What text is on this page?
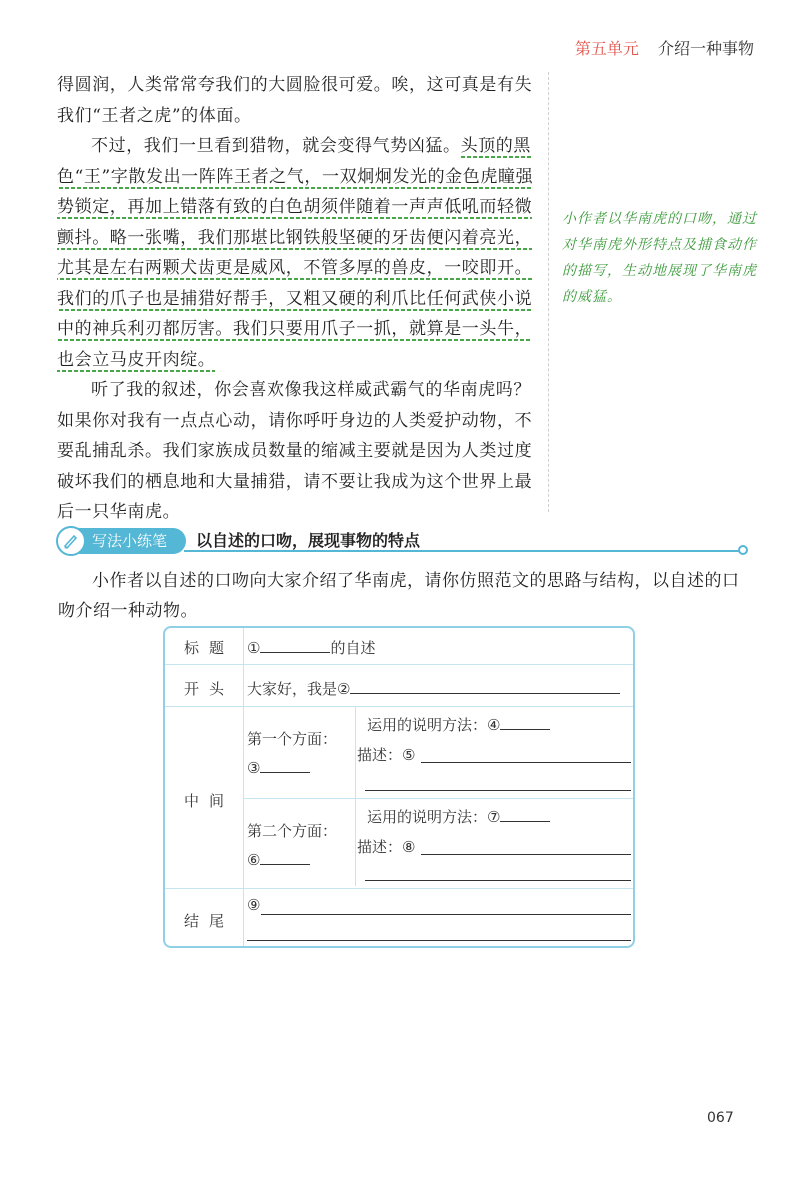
第五单元 介绍一种事物

得圆润，人类常常夸我们的大圆脸很可爱。唉，这可真是有失我们“王者之虎”的体面。

不过，我们一旦看到猎物，就会变得气势凶猛。头顶的黑色“王”字散发出一阵阵王者之气，一双炯炯发光的金色虎瞳强势锁定，再加上错落有致的白色胡须伴随着一声声低吼而轻微颤抖。略一张嘴，我们那堪比钢铁般坚硬的牙齿便闪着亮光，尤其是左右两颗犬齿更是威风，不管多厚的兽皮，一咬即开。我们的爪子也是捕猎好帮手，又粗又硬的利爪比任何武侠小说中的神兵利刃都厉害。我们只要用爪子一抓，就算是一头牛，也会立马皮开肉绽。

听了我的叙述，你会喜欢像我这样威武霸气的华南虎吗？如果你对我有一点点心动，请你呼吁身边的人类爱护动物，不要乱捕乱杀。我们家族成员数量的缩减主要就是因为人类过度破坏我们的栖息地和大量捕猎，请不要让我成为这个世界上最后一只华南虎。

小作者以华南虎的口吻，通过对华南虎外形特点及捕食动作的描写，生动地展现了华南虎的威猛。
写法小练笔 以自述的口吻，展现事物的特点

小作者以自述的口吻向大家介绍了华南虎，请你仿照范文的思路与结构，以自述的口吻介绍一种动物。

标题 ①	的自述
开头 大家好，我是②
中间
第一个方面：
③
运用的说明方法：④
描述：⑤
第二个方面：
⑥
运用的说明方法：⑦
描述：⑧
结尾
⑨
067
